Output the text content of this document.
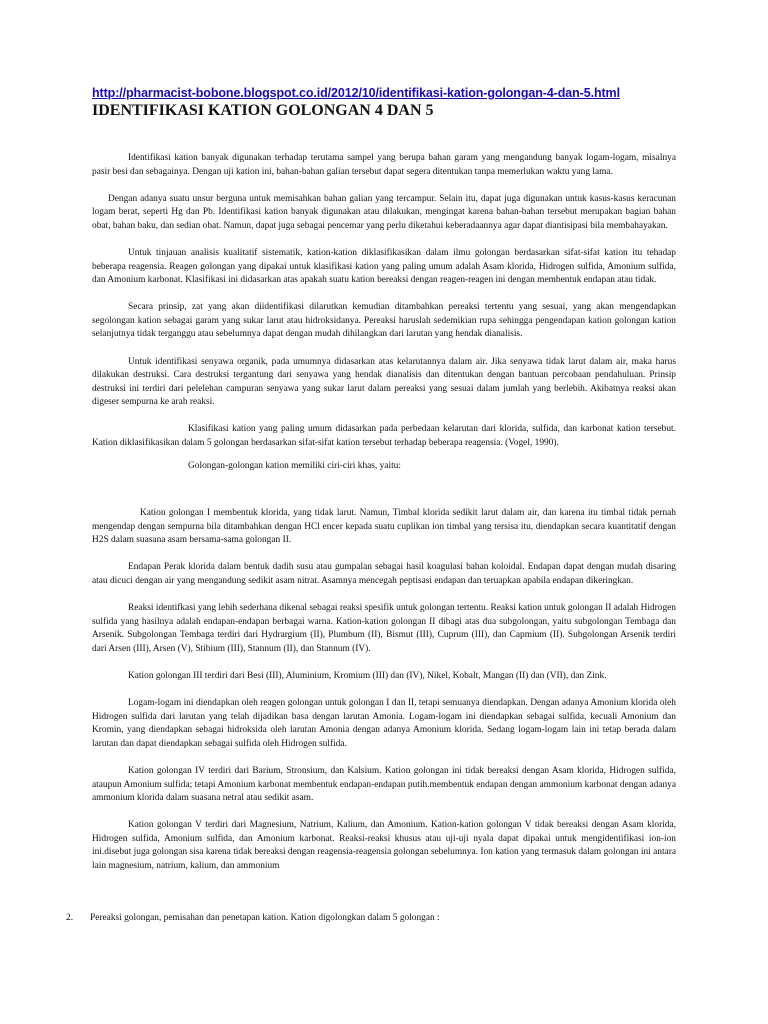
http://pharmacist-bobone.blogspot.co.id/2012/10/identifikasi-kation-golongan-4-dan-5.html
IDENTIFIKASI KATION GOLONGAN 4 DAN 5

Identifikasi kation banyak digunakan terhadap terutama sampel yang berupa bahan garam yang mengandung banyak logam-logam, misalnya pasir besi dan sebagainya. Dengan uji kation ini, bahan-bahan galian tersebut dapat segera ditentukan tanpa memerlukan waktu yang lama.

Dengan adanya suatu unsur berguna untuk memisahkan bahan galian yang tercampur. Selain itu, dapat juga digunakan untuk kasus-kasus keracunan logam berat, seperti Hg dan Pb. Identifikasi kation banyak digunakan atau dilakukan, mengingat karena bahan-bahan tersebut merupakan bagian bahan obat, bahan baku, dan sedian obat. Namun, dapat juga sebagai pencemar yang perlu diketahui keberadaannya agar dapat diantisipasi bila membahayakan.

Untuk tinjauan analisis kualitatif sistematik, kation-kation diklasifikasikan dalam ilmu golongan berdasarkan sifat-sifat kation itu tehadap beberapa reagensia. Reagen golongan yang dipakai untuk klasifikasi kation yang paling umum adalah Asam klorida, Hidrogen sulfida, Amonium sulfida, dan Amonium karbonat. Klasifikasi ini didasarkan atas apakah suatu kation bereaksi dengan reagen-reagen ini dengan membentuk endapan atau tidak.

Secara prinsip, zat yang akan diidentifikasi dilarutkan kemudian ditambahkan pereaksi tertentu yang sesuai, yang akan mengendapkan segolongan kation sebagai garam yang sukar larut atau hidroksidanya. Pereaksi haruslah sedemikian rupa sehingga pengendapan kation golongan kation selanjutnya tidak terganggu atau sebelumnya dapat dengan mudah dihilangkan dari larutan yang hendak dianalisis.

Untuk identifikasi senyawa organik, pada umumnya didasarkan atas kelarutannya dalam air. Jika senyawa tidak larut dalam air, maka harus dilakukan destruksi. Cara destruksi tergantung dari senyawa yang hendak dianalisis dan ditentukan dengan bantuan percobaan pendahuluan. Prinsip destruksi ini terdiri dari pelelehan campuran senyawa yang sukar larut dalam pereaksi yang sesuai dalam jumlah yang berlebih. Akibatnya reaksi akan digeser sempurna ke arah reaksi.

Klasifikasi kation yang paling umum didasarkan pada perbedaan kelarutan dari klorida, sulfida, dan karbonat kation tersebut. Kation diklasifikasikan dalam 5 golongan berdasarkan sifat-sifat kation tersebut terhadap beberapa reagensia. (Vogel, 1990).

Golongan-golongan kation memiliki ciri-ciri khas, yaitu:

Kation golongan I membentuk klorida, yang tidak larut. Namun, Timbal klorida sedikit larut dalam air, dan karena itu timbal tidak pernah mengendap dengan sempurna bila ditambahkan dengan HCl encer kepada suatu cuplikan ion timbal yang tersisa itu, diendapkan secara kuantitatif dengan H2S dalam suasana asam bersama-sama golongan II.

Endapan Perak klorida dalam bentuk dadih susu atau gumpalan sebagai hasil koagulasi bahan koloidal. Endapan dapat dengan mudah disaring atau dicuci dengan air yang mengandung sedikit asam nitrat. Asamnya mencegah peptisasi endapan dan teruapkan apabila endapan dikeringkan.

Reaksi identifkasi yang lebih sederhana dikenal sebagai reaksi spesifik untuk golongan tertentu. Reaksi kation untuk golongan II adalah Hidrogen sulfida yang hasilnya adalah endapan-endapan berbagai warna. Kation-kation golongan II dibagi atas dua subgolongan, yaitu subgolongan Tembaga dan Arsenik. Subgolongan Tembaga terdiri dari Hydrargium (II), Plumbum (II), Bismut (III), Cuprum (III), dan Capmium (II). Subgolongan Arsenik terdiri dari Arsen (III), Arsen (V), Stibium (III), Stannum (II), dan Stannum (IV).

Kation golongan III terdiri dari Besi (III), Aluminium, Kromium (III) dan (IV), Nikel, Kobalt, Mangan (II) dan (VII), dan Zink.

Logam-logam ini diendapkan oleh reagen golongan untuk golongan I dan II, tetapi semuanya diendapkan. Dengan adanya Amonium klorida oleh Hidrogen sulfida dari larutan yang telah dijadikan basa dengan larutan Amonia. Logam-logam ini diendapkan sebagai sulfida, kecuali Amonium dan Kromin, yang diendapkan sebagai hidroksida oleh larutan Amonia dengan adanya Amonium klorida. Sedang logam-logam lain ini tetap berada dalam larutan dan dapat diendapkan sebagai sulfida oleh Hidrogen sulfida.

Kation golongan IV terdiri dari Barium, Stronsium, dan Kalsium. Kation golongan ini tidak bereaksi dengan Asam klorida, Hidrogen sulfida, ataupun Amonium sulfida; tetapi Amonium karbonat membentuk endapan-endapan putih.membentuk endapan dengan ammonium karbonat dengan adanya ammonium klorida dalam suasana netral atau sedikit asam.

Kation golongan V terdiri dari Magnesium, Natrium, Kalium, dan Amonium. Kation-kation golongan V tidak bereaksi dengan Asam klorida, Hidrogen sulfida, Amonium sulfida, dan Amonium karbonat. Reaksi-reaksi khusus atau uji-uji nyala dapat dipakai untuk mengidentifikasi ion-ion ini.disebut juga golongan sisa karena tidak bereaksi dengan reagensia-reagensia golongan sebelumnya. Ion kation yang termasuk dalam golongan ini antara lain magnesium, natrium, kalium, dan ammonium

2. Pereaksi golongan, pemisahan dan penetapan kation. Kation digolongkan dalam 5 golongan :
